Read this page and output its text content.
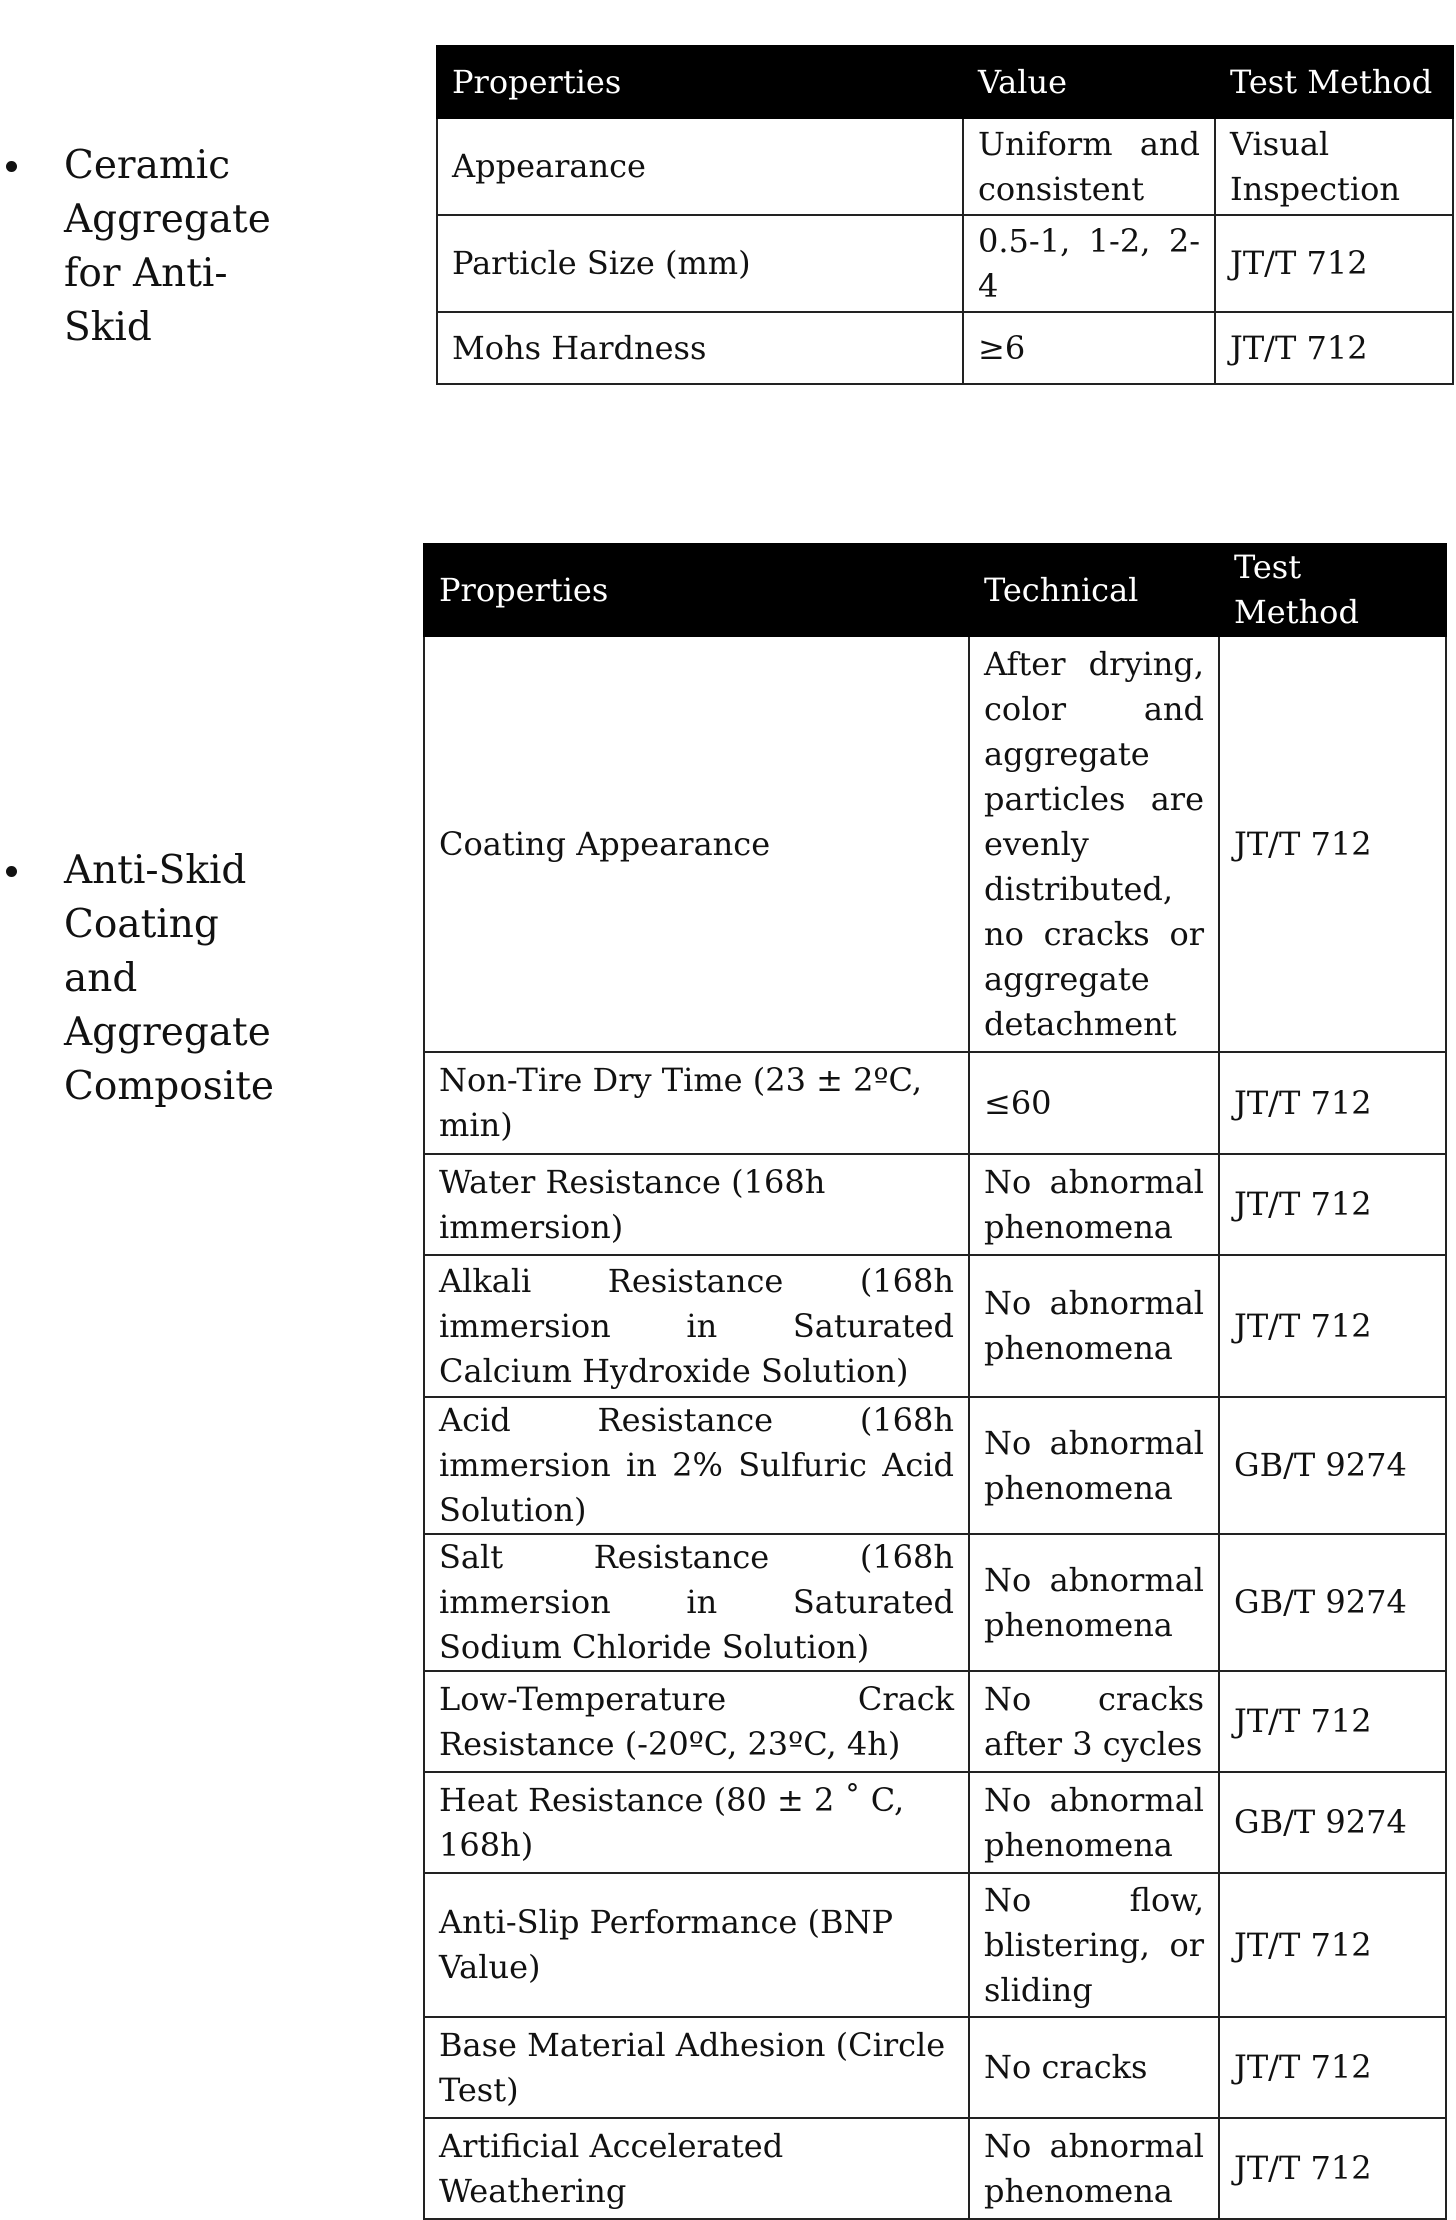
Ceramic Aggregate
for Anti-Skid
Properties	Value	Test Method
Appearance	Uniform and consistent	Visual Inspection
Particle Size (mm)	0.5-1, 1-2, 2-4	JT/T 712
Mohs Hardness	≥6	JT/T 712
Anti-Skid Coating
and Aggregate
Composite
Properties	Technical	Test Method
Coating Appearance	After drying, color and aggregate particles are evenly distributed, no cracks or aggregate detachment	JT/T 712
Non-Tire Dry Time (23 ± 2ºC, min)	≤60	JT/T 712
Water Resistance (168h immersion)	No abnormal phenomena	JT/T 712
Alkali Resistance (168h immersion in Saturated Calcium Hydroxide Solution)	No abnormal phenomena	JT/T 712
Acid Resistance (168h immersion in 2% Sulfuric Acid Solution)	No abnormal phenomena	GB/T 9274
Salt Resistance (168h immersion in Saturated Sodium Chloride Solution)	No abnormal phenomena	GB/T 9274
Low-Temperature Crack Resistance (-20ºC, 23ºC, 4h)	No cracks after 3 cycles	JT/T 712
Heat Resistance (80 ± 2 ˚ C, 168h)	No abnormal phenomena	GB/T 9274
Anti-Slip Performance (BNP Value)	No flow, blistering, or sliding	JT/T 712
Base Material Adhesion (Circle Test)	No cracks	JT/T 712
Artificial Accelerated Weathering	No abnormal phenomena	JT/T 712
